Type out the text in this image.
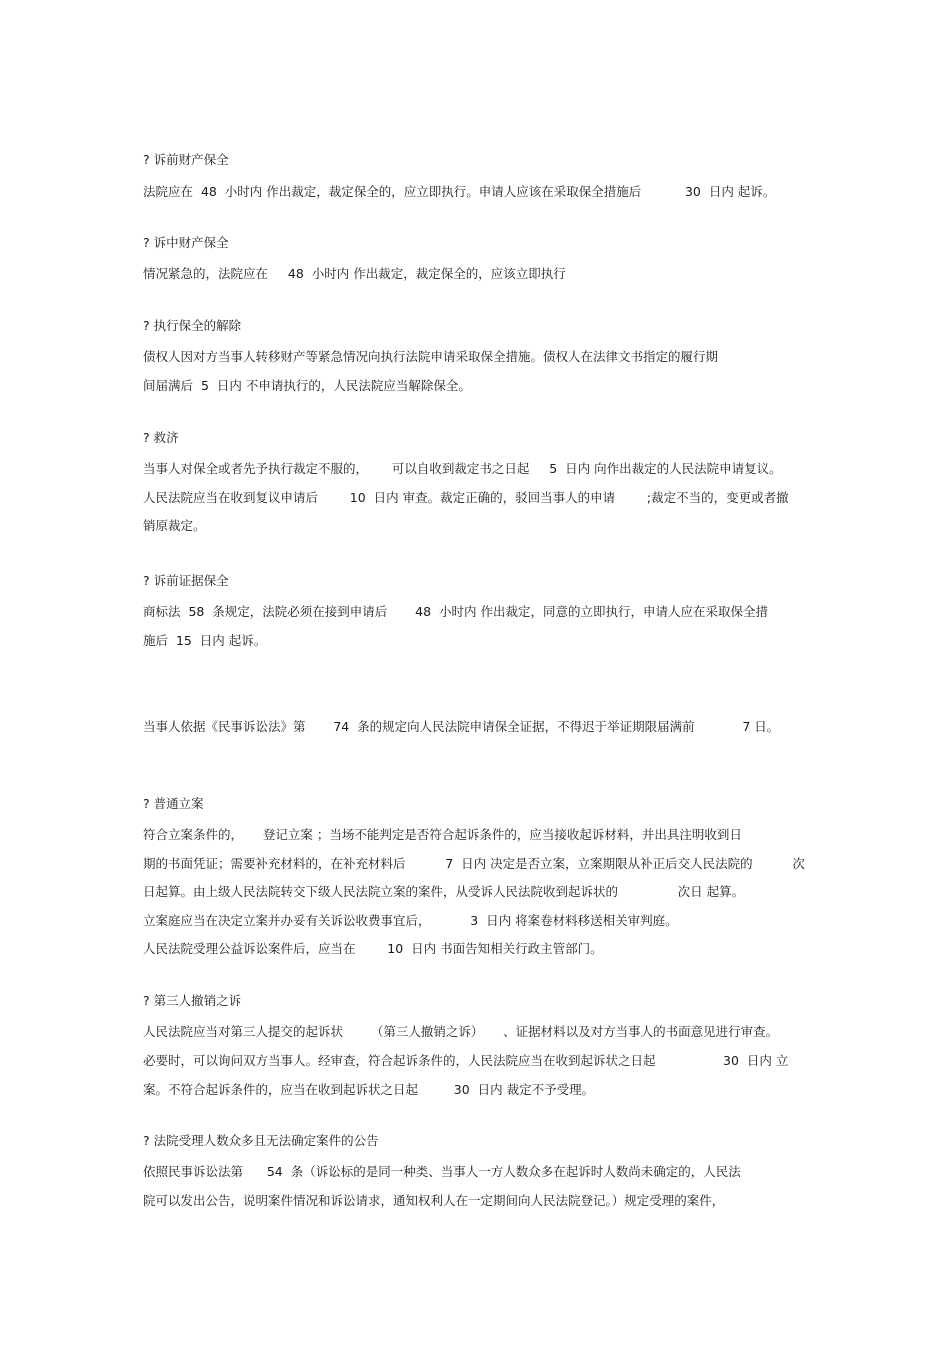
? 诉前财产保全

法院应在  48  小时内 作出裁定，裁定保全的，应立即执行。申请人应该在采取保全措施后           30  日内 起诉。

? 诉中财产保全

情况紧急的，法院应在     48  小时内 作出裁定，裁定保全的，应该立即执行

? 执行保全的解除

债权人因对方当事人转移财产等紧急情况向执行法院申请采取保全措施。债权人在法律文书指定的履行期

间届满后  5  日内 不申请执行的，人民法院应当解除保全。

? 救济

当事人对保全或者先予执行裁定不服的，      可以自收到裁定书之日起     5  日内 向作出裁定的人民法院申请复议。

人民法院应当在收到复议申请后        10  日内 审查。裁定正确的，驳回当事人的申请        ;裁定不当的，变更或者撤

销原裁定。

? 诉前证据保全

商标法  58  条规定，法院必须在接到申请后       48  小时内 作出裁定，同意的立即执行，申请人应在采取保全措

施后  15  日内 起诉。

当事人依据《民事诉讼法》第       74  条的规定向人民法院申请保全证据，不得迟于举证期限届满前            7 日。

? 普通立案

符合立案条件的，     登记立案 ；当场不能判定是否符合起诉条件的，应当接收起诉材料，并出具注明收到日

期的书面凭证；需要补充材料的，在补充材料后          7  日内 决定是否立案，立案期限从补正后交人民法院的          次

日起算。由上级人民法院转交下级人民法院立案的案件，从受诉人民法院收到起诉状的               次日 起算。

立案庭应当在决定立案并办妥有关诉讼收费事宜后，          3  日内 将案卷材料移送相关审判庭。

人民法院受理公益诉讼案件后，应当在        10  日内 书面告知相关行政主管部门。

? 第三人撤销之诉

人民法院应当对第三人提交的起诉状       （第三人撤销之诉）     、证据材料以及对方当事人的书面意见进行审查。

必要时，可以询问双方当事人。经审查，符合起诉条件的，人民法院应当在收到起诉状之日起                 30  日内 立

案。不符合起诉条件的，应当在收到起诉状之日起         30  日内 裁定不予受理。

? 法院受理人数众多且无法确定案件的公告

依照民事诉讼法第      54  条（诉讼标的是同一种类、当事人一方人数众多在起诉时人数尚未确定的，人民法

院可以发出公告，说明案件情况和诉讼请求，通知权利人在一定期间向人民法院登记。）规定受理的案件，
